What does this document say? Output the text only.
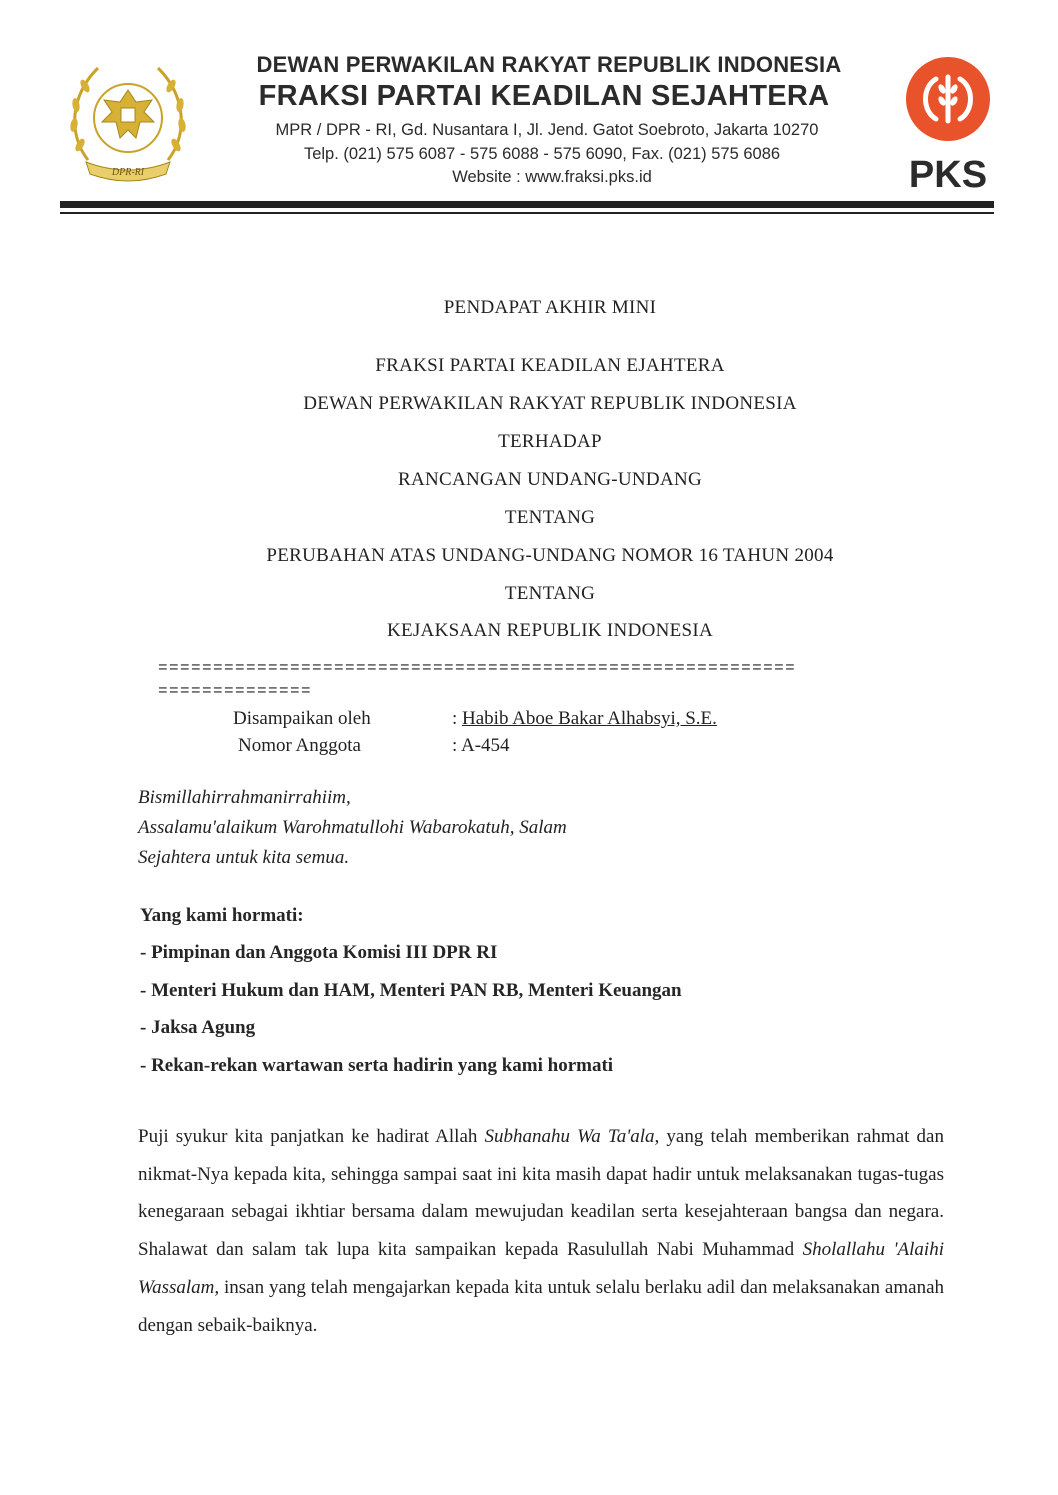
DPR-RI
DEWAN PERWAKILAN RAKYAT REPUBLIK INDONESIA
FRAKSI PARTAI KEADILAN SEJAHTERA
MPR / DPR - RI, Gd. Nusantara I, Jl. Jend. Gatot Soebroto, Jakarta 10270
Telp. (021) 575 6087 - 575 6088 - 575 6090, Fax. (021) 575 6086
Website : www.fraksi.pks.id	PKS
PENDAPAT AKHIR MINI
FRAKSI PARTAI KEADILAN EJAHTERA
DEWAN PERWAKILAN RAKYAT REPUBLIK INDONESIA
TERHADAP
RANCANGAN UNDANG-UNDANG
TENTANG
PERUBAHAN ATAS UNDANG-UNDANG NOMOR 16 TAHUN 2004
TENTANG
KEJAKSAAN REPUBLIK INDONESIA
==========================================================
==============
Disampaikan oleh	: Habib Aboe Bakar Alhabsyi, S.E.
Nomor Anggota	: A-454
Bismillahirrahmanirrahiim,
Assalamu'alaikum Warohmatullohi Wabarokatuh, Salam
Sejahtera untuk kita semua.
Yang kami hormati:
- Pimpinan dan Anggota Komisi III DPR RI
- Menteri Hukum dan HAM, Menteri PAN RB, Menteri Keuangan
- Jaksa Agung
- Rekan-rekan wartawan serta hadirin yang kami hormati
Puji syukur kita panjatkan ke hadirat Allah Subhanahu Wa Ta'ala, yang telah memberikan rahmat dan nikmat-Nya kepada kita, sehingga sampai saat ini kita masih dapat hadir untuk melaksanakan tugas-tugas kenegaraan sebagai ikhtiar bersama dalam mewujudan keadilan serta kesejahteraan bangsa dan negara. Shalawat dan salam tak lupa kita sampaikan kepada Rasulullah Nabi Muhammad Sholallahu 'Alaihi Wassalam, insan yang telah mengajarkan kepada kita untuk selalu berlaku adil dan melaksanakan amanah dengan sebaik-baiknya.
